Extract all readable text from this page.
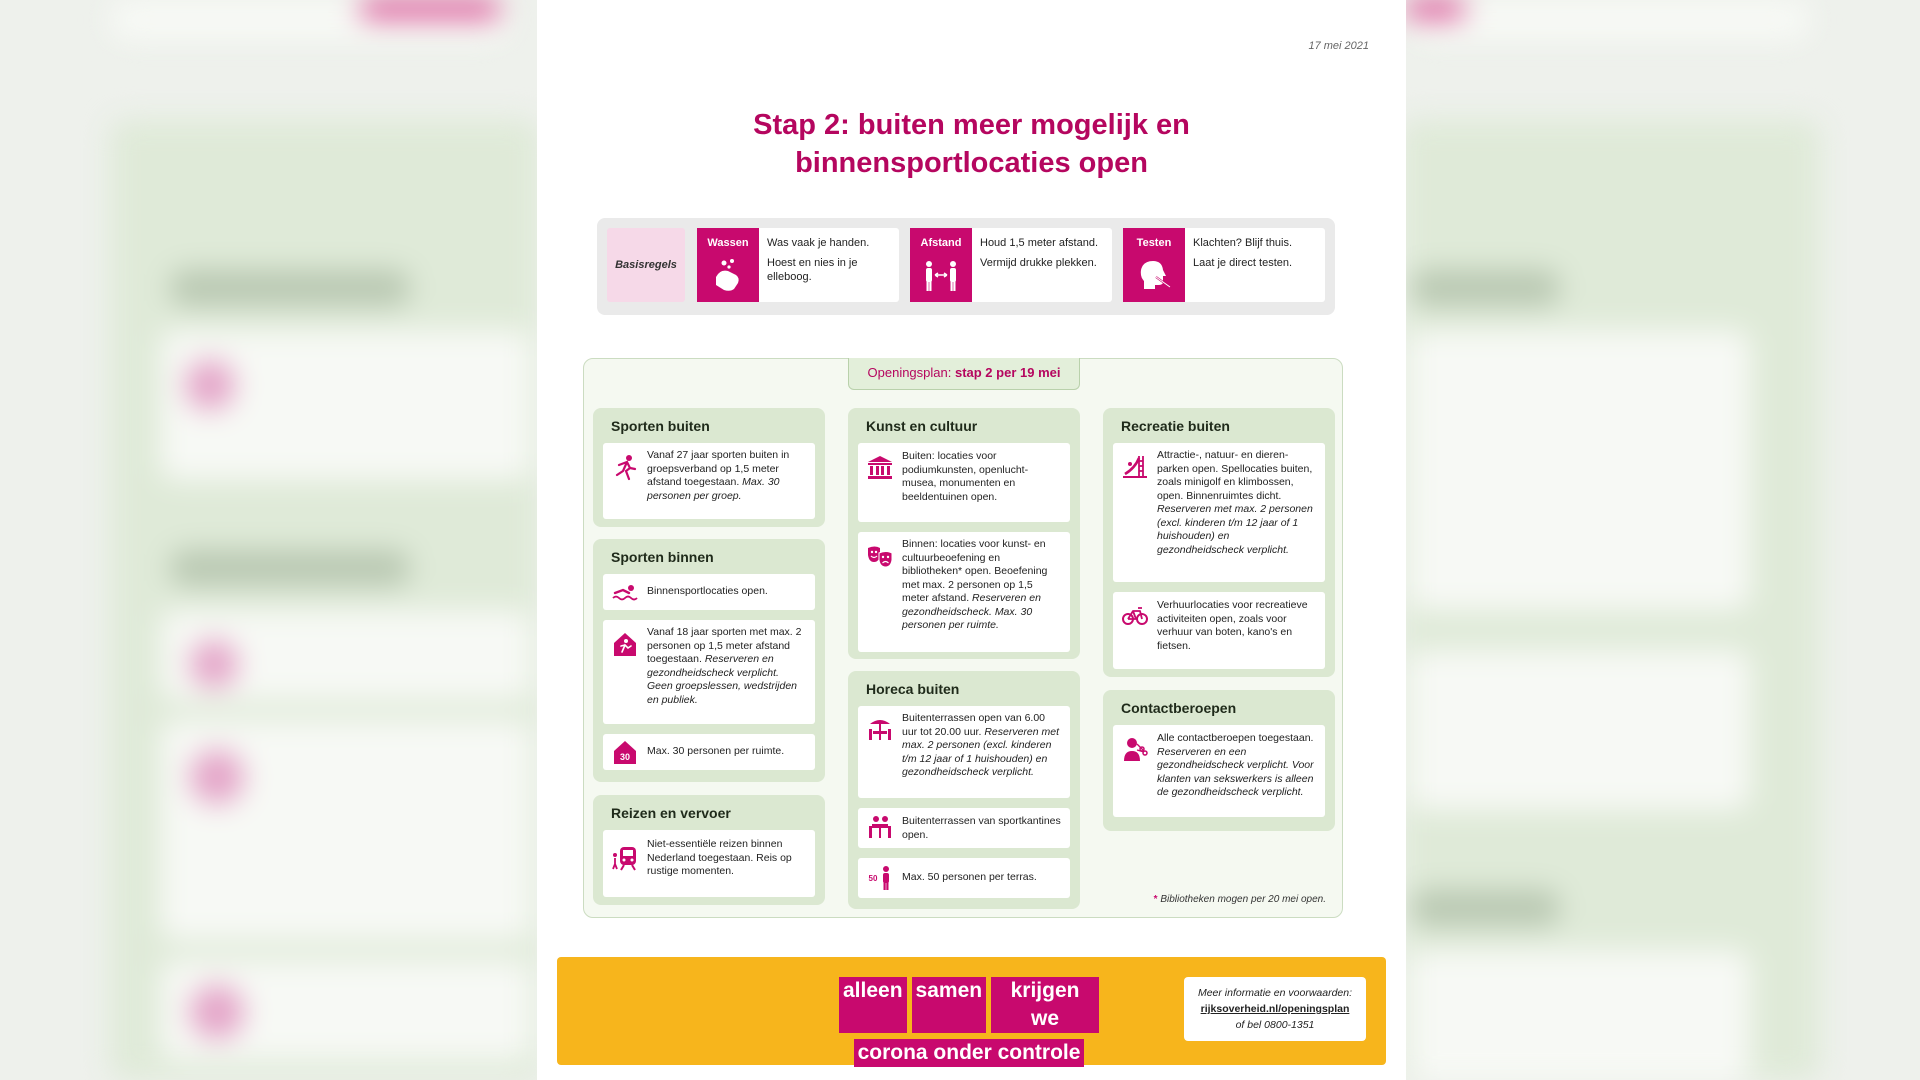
17 mei 2021
Stap 2: buiten meer mogelijk en
binnensportlocaties open
Basisregels
Wassen	Was vaak je handen.

Hoest en nies in je elleboog.

Afstand	Houd 1,5 meter afstand.

Vermijd drukke plekken.

Testen	Klachten? Blijf thuis.

Laat je direct testen.

Openingsplan: stap 2 per 19 mei
Sporten buiten
Vanaf 27 jaar sporten buiten in groepsverband op 1,5 meter afstand toegestaan. Max. 30 personen per groep.
Sporten binnen
Binnensportlocaties open.
Vanaf 18 jaar sporten met max. 2 personen op 1,5 meter afstand toegestaan. Reserveren en gezondheidscheck verplicht. Geen groepslessen, wedstrijden en publiek.
30 Max. 30 personen per ruimte.
Reizen en vervoer
Niet-essentiële reizen binnen Nederland toegestaan. Reis op rustige momenten.
Kunst en cultuur
Buiten: locaties voor podiumkunsten, openlucht-musea, monumenten en beeldentuinen open.
Binnen: locaties voor kunst- en cultuurbeoefening en bibliotheken* open. Beoefening met max. 2 personen op 1,5 meter afstand. Reserveren en gezondheidscheck. Max. 30 personen per ruimte.
Horeca buiten
Buitenterrassen open van 6.00 uur tot 20.00 uur. Reserveren met max. 2 personen (excl. kinderen t/m 12 jaar of 1 huishouden) en gezondheidscheck verplicht.
Buitenterrassen van sportkantines open.
50 Max. 50 personen per terras.
Recreatie buiten
Attractie-, natuur- en dieren-parken open. Spellocaties buiten, zoals minigolf en klimbossen, open. Binnenruimtes dicht. Reserveren met max. 2 personen (excl. kinderen t/m 12 jaar of 1 huishouden) en gezondheidscheck verplicht.
Verhuurlocaties voor recreatieve activiteiten open, zoals voor verhuur van boten, kano's en fietsen.
Contactberoepen
Alle contactberoepen toegestaan. Reserveren en een gezondheidscheck verplicht. Voor klanten van sekswerkers is alleen de gezondheidscheck verplicht.
* Bibliotheken mogen per 20 mei open.
alleen samen	krijgen we
corona onder controle
Meer informatie en voorwaarden:
rijksoverheid.nl/openingsplan
of bel 0800-1351
